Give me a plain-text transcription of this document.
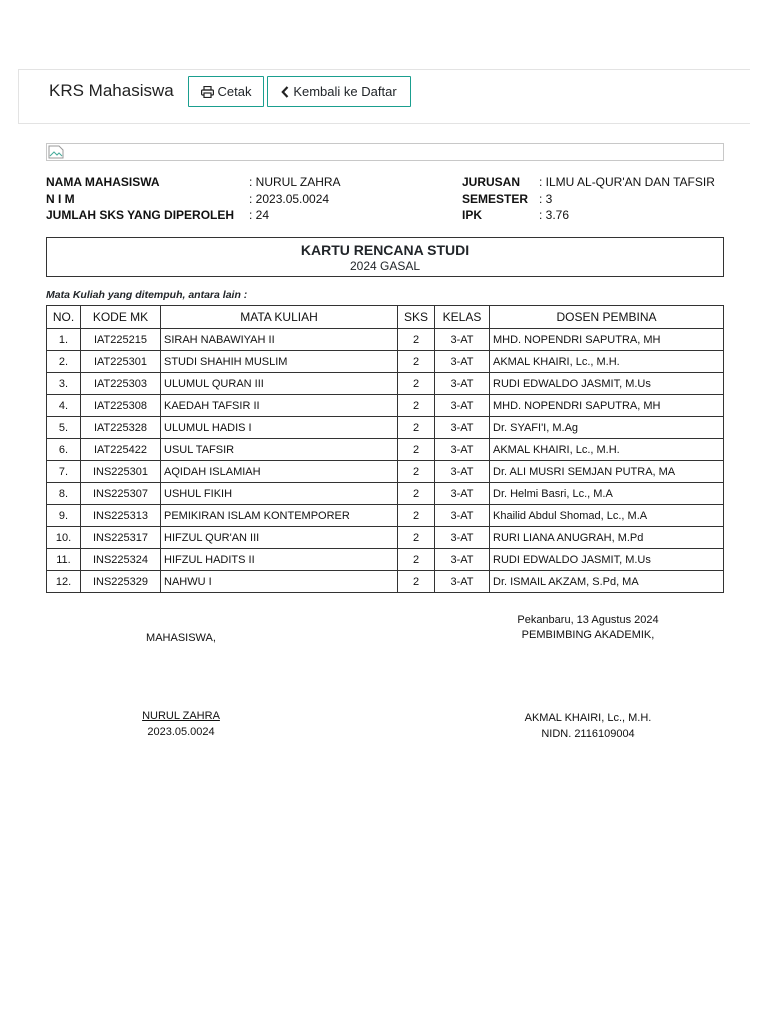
KRS Mahasiswa	Cetak	Kembali ke Daftar
NAMA MAHASISWA	: NURUL ZAHRA
N I M	: 2023.05.0024
JUMLAH SKS YANG DIPEROLEH : 24
JURUSAN : ILMU AL-QUR'AN DAN TAFSIR
SEMESTER : 3
IPK	: 3.76
KARTU RENCANA STUDI
2024 GASAL
Mata Kuliah yang ditempuh, antara lain :
NO.	KODE MK	MATA KULIAH	SKS	KELAS	DOSEN PEMBINA
1.	IAT225215	SIRAH NABAWIYAH II	2	3-AT	MHD. NOPENDRI SAPUTRA, MH
2.	IAT225301	STUDI SHAHIH MUSLIM	2	3-AT	AKMAL KHAIRI, Lc., M.H.
3.	IAT225303	ULUMUL QURAN III	2	3-AT	RUDI EDWALDO JASMIT, M.Us
4.	IAT225308	KAEDAH TAFSIR II	2	3-AT	MHD. NOPENDRI SAPUTRA, MH
5.	IAT225328	ULUMUL HADIS I	2	3-AT	Dr. SYAFI'I, M.Ag
6.	IAT225422	USUL TAFSIR	2	3-AT	AKMAL KHAIRI, Lc., M.H.
7.	INS225301	AQIDAH ISLAMIAH	2	3-AT	Dr. ALI MUSRI SEMJAN PUTRA, MA
8.	INS225307	USHUL FIKIH	2	3-AT	Dr. Helmi Basri, Lc., M.A
9.	INS225313	PEMIKIRAN ISLAM KONTEMPORER	2	3-AT	Khailid Abdul Shomad, Lc., M.A
10.	INS225317	HIFZUL QUR'AN III	2	3-AT	RURI LIANA ANUGRAH, M.Pd
11.	INS225324	HIFZUL HADITS II	2	3-AT	RUDI EDWALDO JASMIT, M.Us
12.	INS225329	NAHWU I	2	3-AT	Dr. ISMAIL AKZAM, S.Pd, MA
MAHASISWA,
NURUL ZAHRA
2023.05.0024
Pekanbaru, 13 Agustus 2024
PEMBIMBING AKADEMIK,
AKMAL KHAIRI, Lc., M.H.
NIDN. 2116109004
